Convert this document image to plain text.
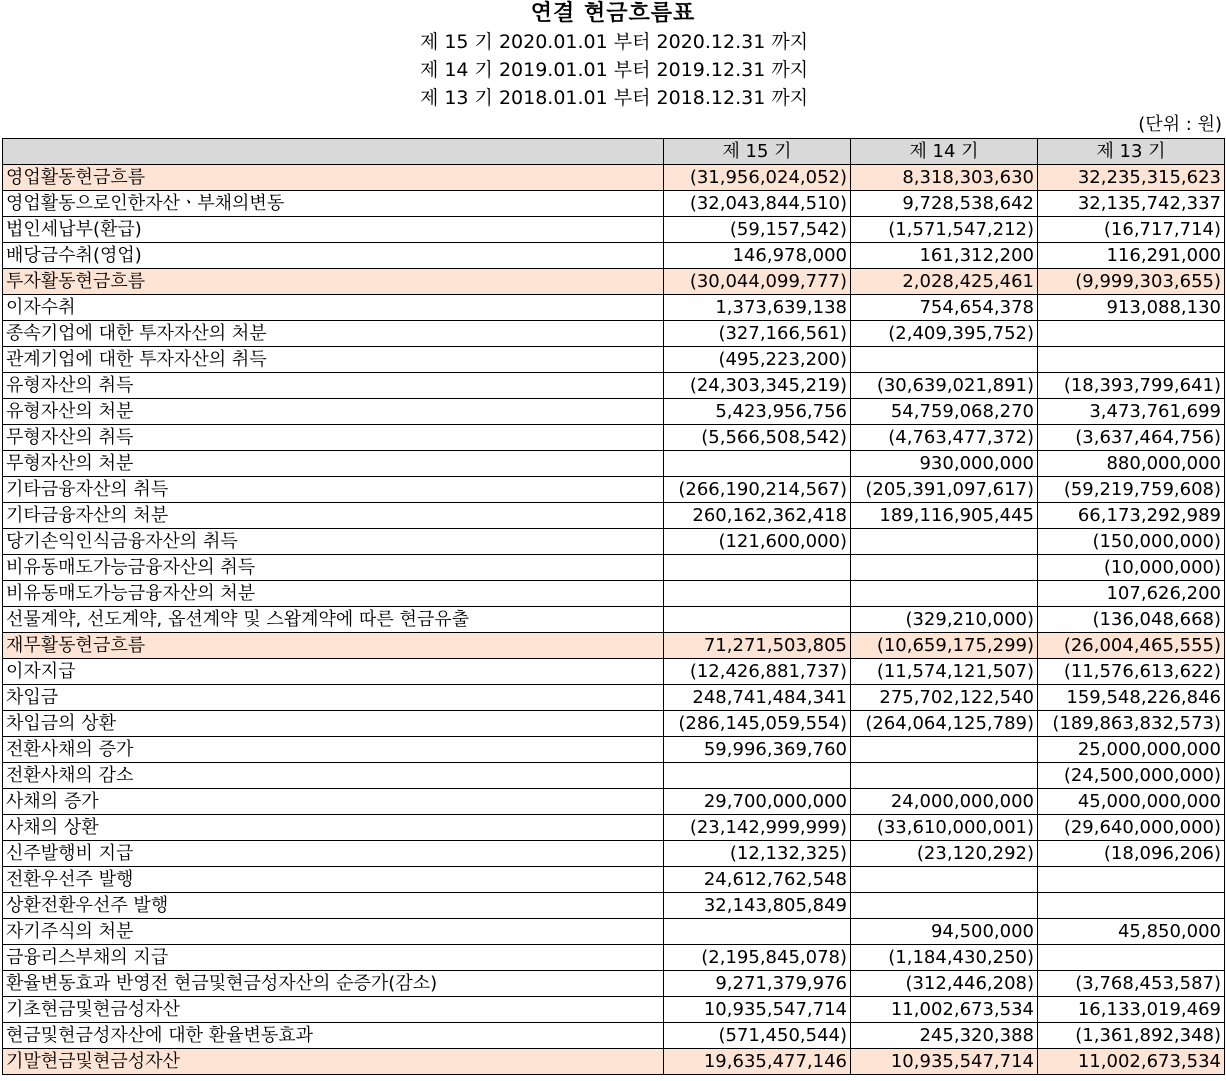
연결 현금흐름표
제 15 기 2020.01.01 부터 2020.12.31 까지
제 14 기 2019.01.01 부터 2019.12.31 까지
제 13 기 2018.01.01 부터 2018.12.31 까지
(단위 : 원)
	제 15 기	제 14 기	제 13 기
영업활동현금흐름	(31,956,024,052)	8,318,303,630	32,235,315,623
영업활동으로인한자산ㆍ부채의변동	(32,043,844,510)	9,728,538,642	32,135,742,337
법인세납부(환급)	(59,157,542)	(1,571,547,212)	(16,717,714)
배당금수취(영업)	146,978,000	161,312,200	116,291,000
투자활동현금흐름	(30,044,099,777)	2,028,425,461	(9,999,303,655)
이자수취	1,373,639,138	754,654,378	913,088,130
종속기업에 대한 투자자산의 처분	(327,166,561)	(2,409,395,752)	
관계기업에 대한 투자자산의 취득	(495,223,200)		
유형자산의 취득	(24,303,345,219)	(30,639,021,891)	(18,393,799,641)
유형자산의 처분	5,423,956,756	54,759,068,270	3,473,761,699
무형자산의 취득	(5,566,508,542)	(4,763,477,372)	(3,637,464,756)
무형자산의 처분		930,000,000	880,000,000
기타금융자산의 취득	(266,190,214,567)	(205,391,097,617)	(59,219,759,608)
기타금융자산의 처분	260,162,362,418	189,116,905,445	66,173,292,989
당기손익인식금융자산의 취득	(121,600,000)		(150,000,000)
비유동매도가능금융자산의 취득			(10,000,000)
비유동매도가능금융자산의 처분			107,626,200
선물계약, 선도계약, 옵션계약 및 스왑계약에 따른 현금유출		(329,210,000)	(136,048,668)
재무활동현금흐름	71,271,503,805	(10,659,175,299)	(26,004,465,555)
이자지급	(12,426,881,737)	(11,574,121,507)	(11,576,613,622)
차입금	248,741,484,341	275,702,122,540	159,548,226,846
차입금의 상환	(286,145,059,554)	(264,064,125,789)	(189,863,832,573)
전환사채의 증가	59,996,369,760		25,000,000,000
전환사채의 감소			(24,500,000,000)
사채의 증가	29,700,000,000	24,000,000,000	45,000,000,000
사채의 상환	(23,142,999,999)	(33,610,000,001)	(29,640,000,000)
신주발행비 지급	(12,132,325)	(23,120,292)	(18,096,206)
전환우선주 발행	24,612,762,548		
상환전환우선주 발행	32,143,805,849		
자기주식의 처분		94,500,000	45,850,000
금융리스부채의 지급	(2,195,845,078)	(1,184,430,250)	
환율변동효과 반영전 현금및현금성자산의 순증가(감소)	9,271,379,976	(312,446,208)	(3,768,453,587)
기초현금및현금성자산	10,935,547,714	11,002,673,534	16,133,019,469
현금및현금성자산에 대한 환율변동효과	(571,450,544)	245,320,388	(1,361,892,348)
기말현금및현금성자산	19,635,477,146	10,935,547,714	11,002,673,534
